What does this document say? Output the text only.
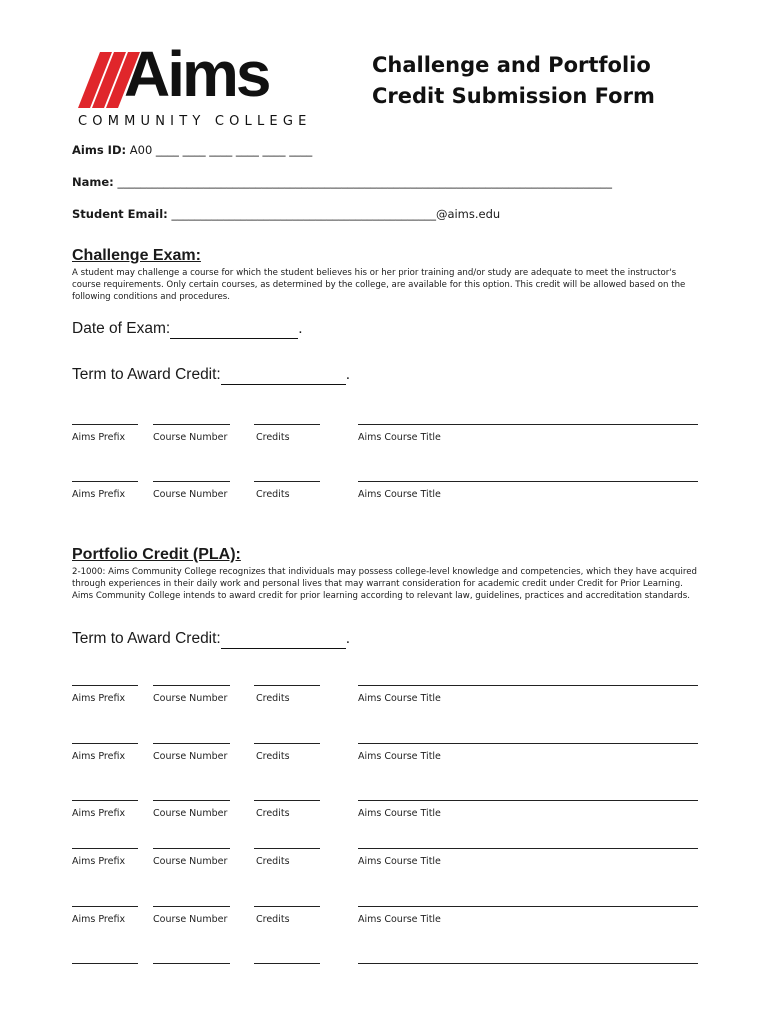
Aims
COMMUNITY COLLEGE
Challenge and Portfolio
Credit Submission Form
Aims ID: A00 ____ ____ ____ ____ ____ ____
Name: ______________________________________________________________________________________
Student Email: ______________________________________________@aims.edu
Challenge Exam:
A student may challenge a course for which the student believes his or her prior training and/or study are adequate to meet the instructor's course requirements. Only certain courses, as determined by the college, are available for this option. This credit will be allowed based on the following conditions and procedures.
Date of Exam:	.
Term to Award Credit:	.
Aims Prefix	Course Number	Credits	Aims Course Title
Aims Prefix	Course Number	Credits	Aims Course Title
Portfolio Credit (PLA):
2-1000: Aims Community College recognizes that individuals may possess college-level knowledge and competencies, which they have acquired through experiences in their daily work and personal lives that may warrant consideration for academic credit under Credit for Prior Learning. Aims Community College intends to award credit for prior learning according to relevant law, guidelines, practices and accreditation standards.
Term to Award Credit:	.
Aims Prefix	Course Number	Credits	Aims Course Title
Aims Prefix	Course Number	Credits	Aims Course Title
Aims Prefix	Course Number	Credits	Aims Course Title
Aims Prefix	Course Number	Credits	Aims Course Title
Aims Prefix	Course Number	Credits	Aims Course Title
